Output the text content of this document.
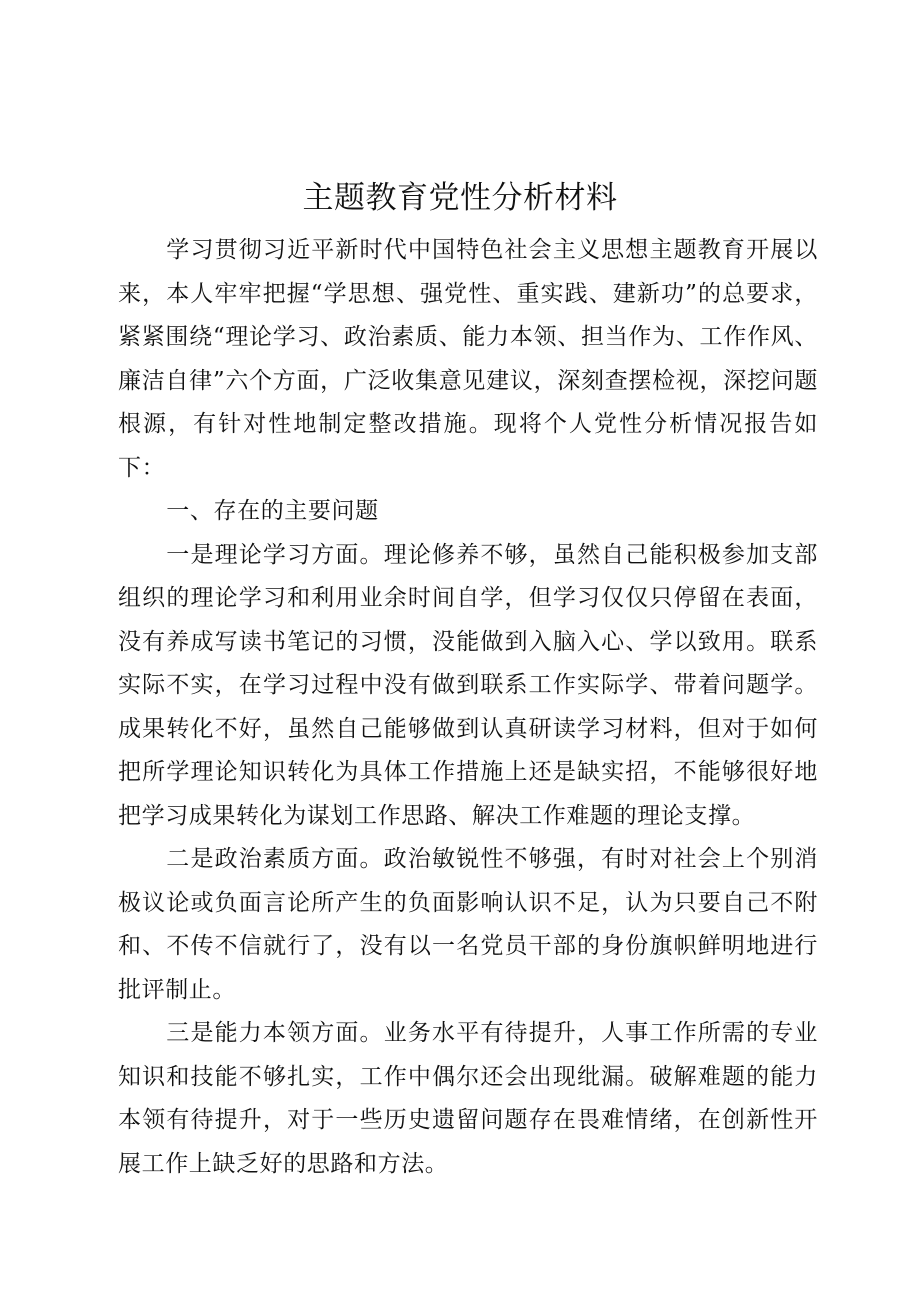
主题教育党性分析材料

学习贯彻习近平新时代中国特色社会主义思想主题教育开展以来，本人牢牢把握“学思想、强党性、重实践、建新功”的总要求，紧紧围绕“理论学习、政治素质、能力本领、担当作为、工作作风、廉洁自律”六个方面，广泛收集意见建议，深刻查摆检视，深挖问题根源，有针对性地制定整改措施。现将个人党性分析情况报告如下：

一、存在的主要问题

一是理论学习方面。理论修养不够，虽然自己能积极参加支部组织的理论学习和利用业余时间自学，但学习仅仅只停留在表面，没有养成写读书笔记的习惯，没能做到入脑入心、学以致用。联系实际不实，在学习过程中没有做到联系工作实际学、带着问题学。成果转化不好，虽然自己能够做到认真研读学习材料，但对于如何把所学理论知识转化为具体工作措施上还是缺实招，不能够很好地把学习成果转化为谋划工作思路、解决工作难题的理论支撑。

二是政治素质方面。政治敏锐性不够强，有时对社会上个别消极议论或负面言论所产生的负面影响认识不足，认为只要自己不附和、不传不信就行了，没有以一名党员干部的身份旗帜鲜明地进行批评制止。

三是能力本领方面。业务水平有待提升，人事工作所需的专业知识和技能不够扎实，工作中偶尔还会出现纰漏。破解难题的能力本领有待提升，对于一些历史遗留问题存在畏难情绪，在创新性开展工作上缺乏好的思路和方法。
